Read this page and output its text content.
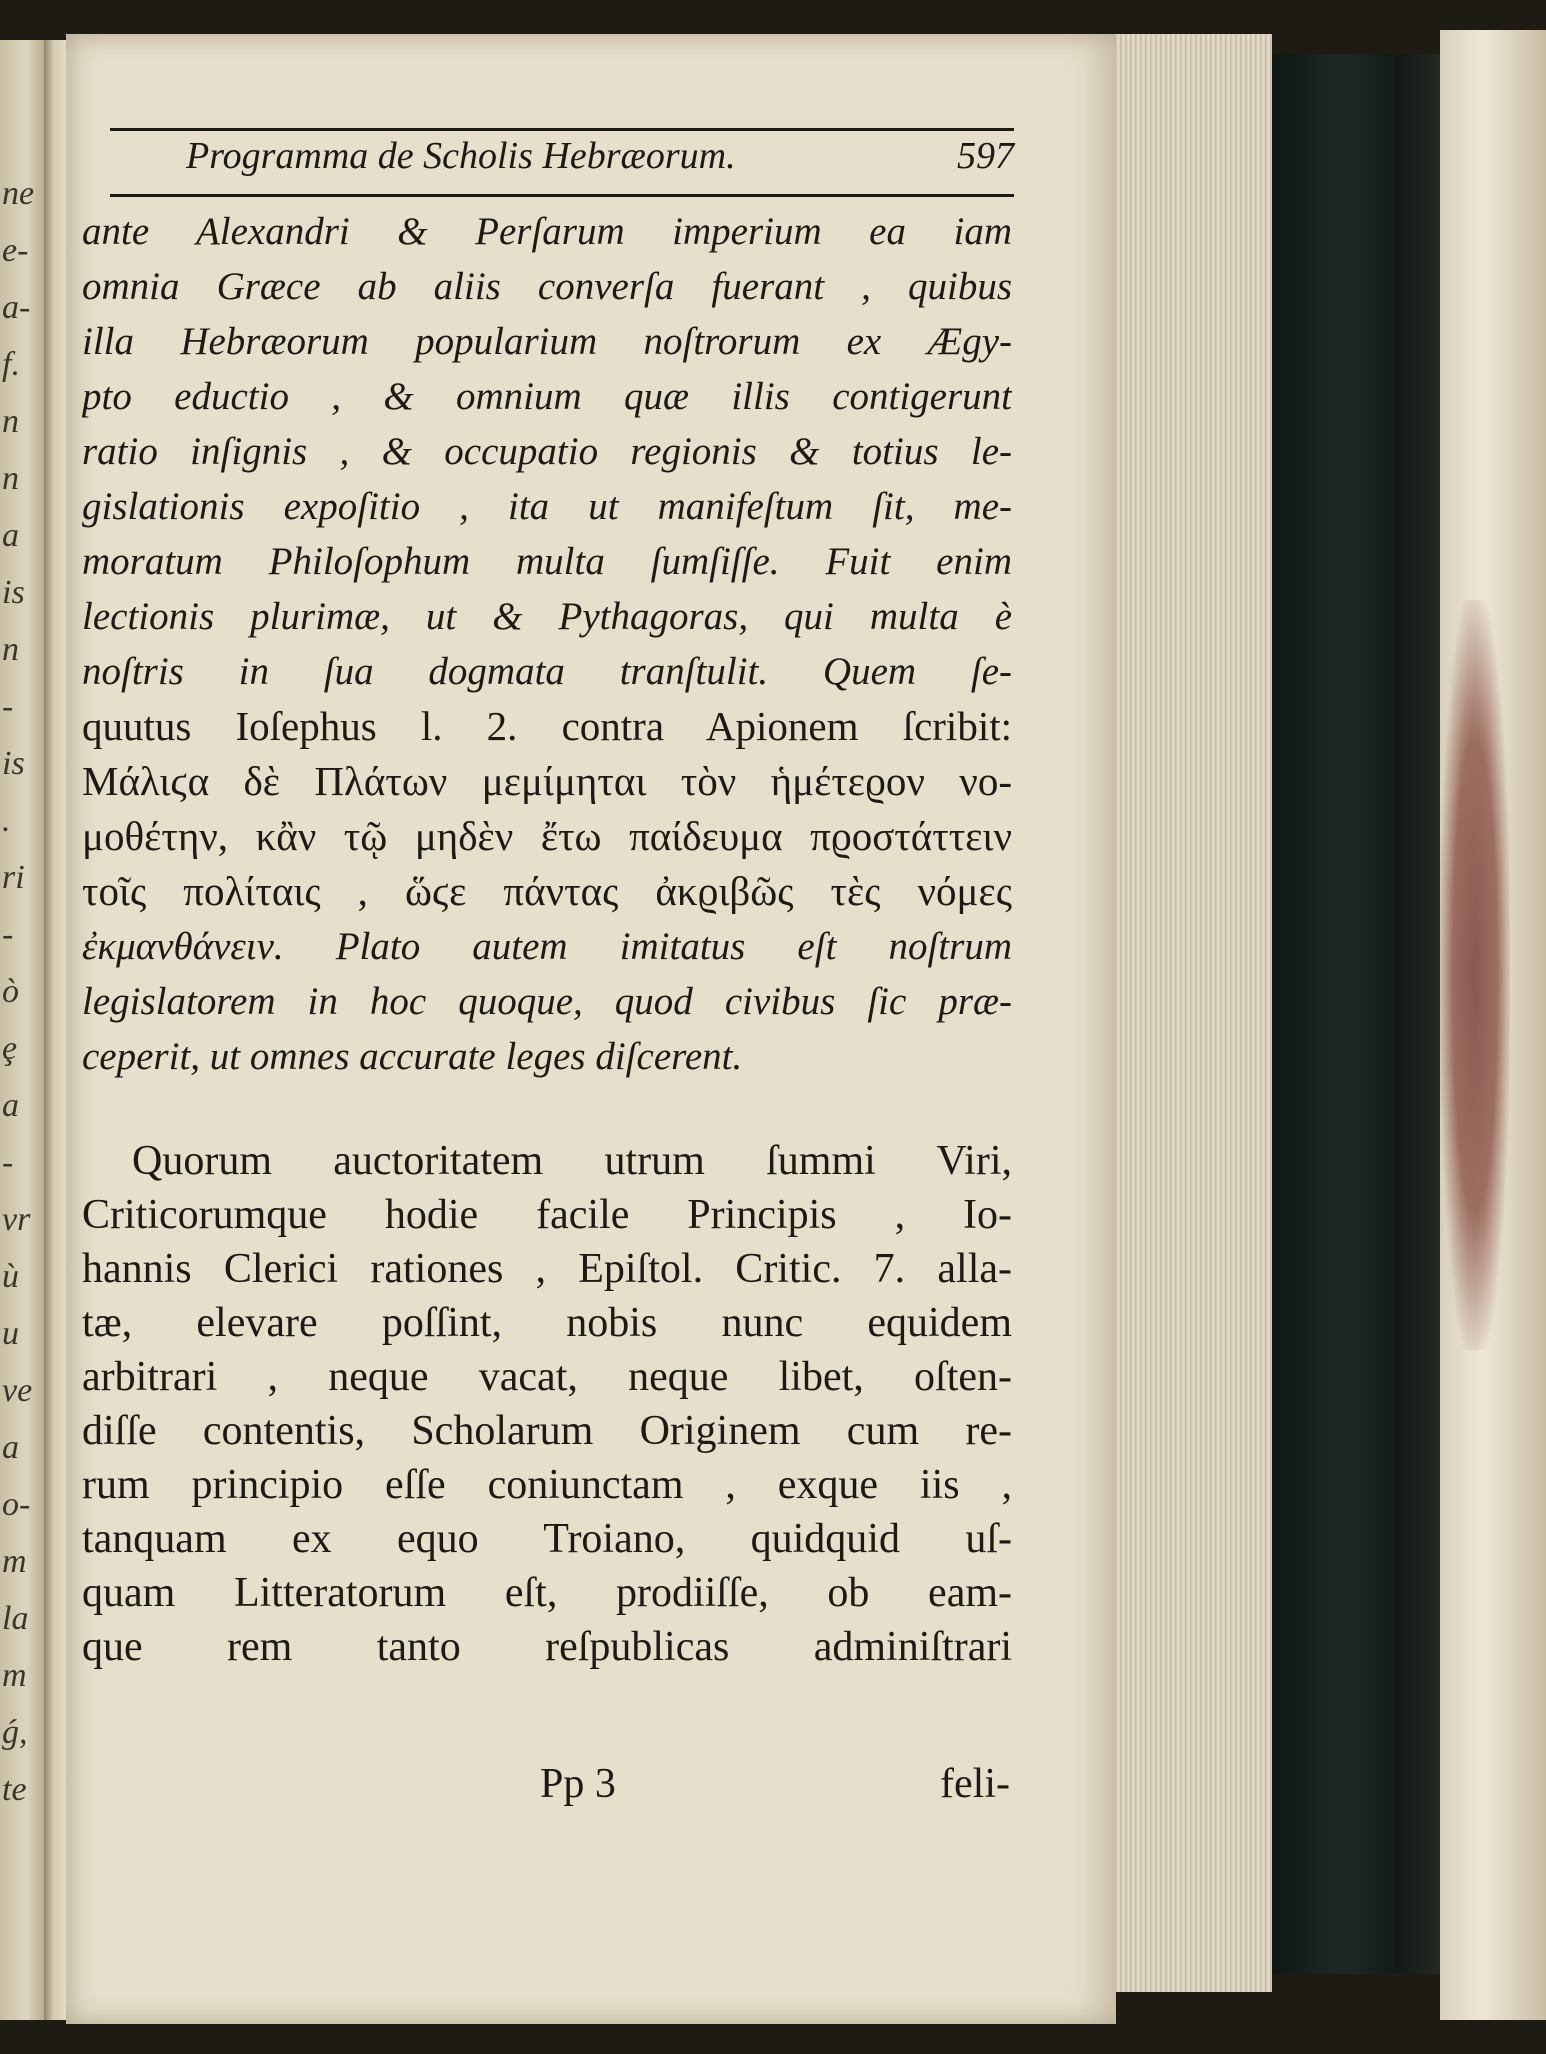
ne
e-
a-
f.
n
n
a
is
n
-
is
.
ri
-
ò
ȩ
a
-
vr
ù
u
ve
a
o-
m
la
m
ǵ,
te
Programma de Scholis Hebræorum.	597
ante Alexandri & Perſarum imperium ea iam
omnia Græce ab aliis converſa fuerant , quibus
illa Hebræorum popularium noſtrorum ex Ægy-
pto eductio , & omnium quæ illis contigerunt
ratio inſignis , & occupatio regionis & totius le-
gislationis expoſitio , ita ut manifeſtum ſit, me-
moratum Philoſophum multa ſumſiſſe. Fuit enim
lectionis plurimæ, ut & Pythagoras, qui multa è
noſtris in ſua dogmata tranſtulit. Quem ſe-
quutus Ioſephus l. 2. contra Apionem ſcribit:
Μάλιϛα δὲ Πλάτων μεμίμηται τὸν ἡμέτεϱον νο-
μοθέτην, κἂν τῷ μηδὲν ἔτω παίδευμα πϱοστάττειν
τοῖς πολίταις , ὥϛε πάντας ἀκϱιβῶς τὲς νόμες
ἐκμανθάνειν. Plato autem imitatus eſt noſtrum
legislatorem in hoc quoque, quod civibus ſic præ-
ceperit, ut omnes accurate leges diſcerent.
Quorum auctoritatem utrum ſummi Viri,
Criticorumque hodie facile Principis , Io-
hannis Clerici rationes , Epiſtol. Critic. 7. alla-
tæ, elevare poſſint, nobis nunc equidem
arbitrari , neque vacat, neque libet, oſten-
diſſe contentis, Scholarum Originem cum re-
rum principio eſſe coniunctam , exque iis ,
tanquam ex equo Troiano, quidquid uſ-
quam Litteratorum eſt, prodiiſſe, ob eam-
que rem tanto reſpublicas adminiſtrari
Pp 3	feli-
